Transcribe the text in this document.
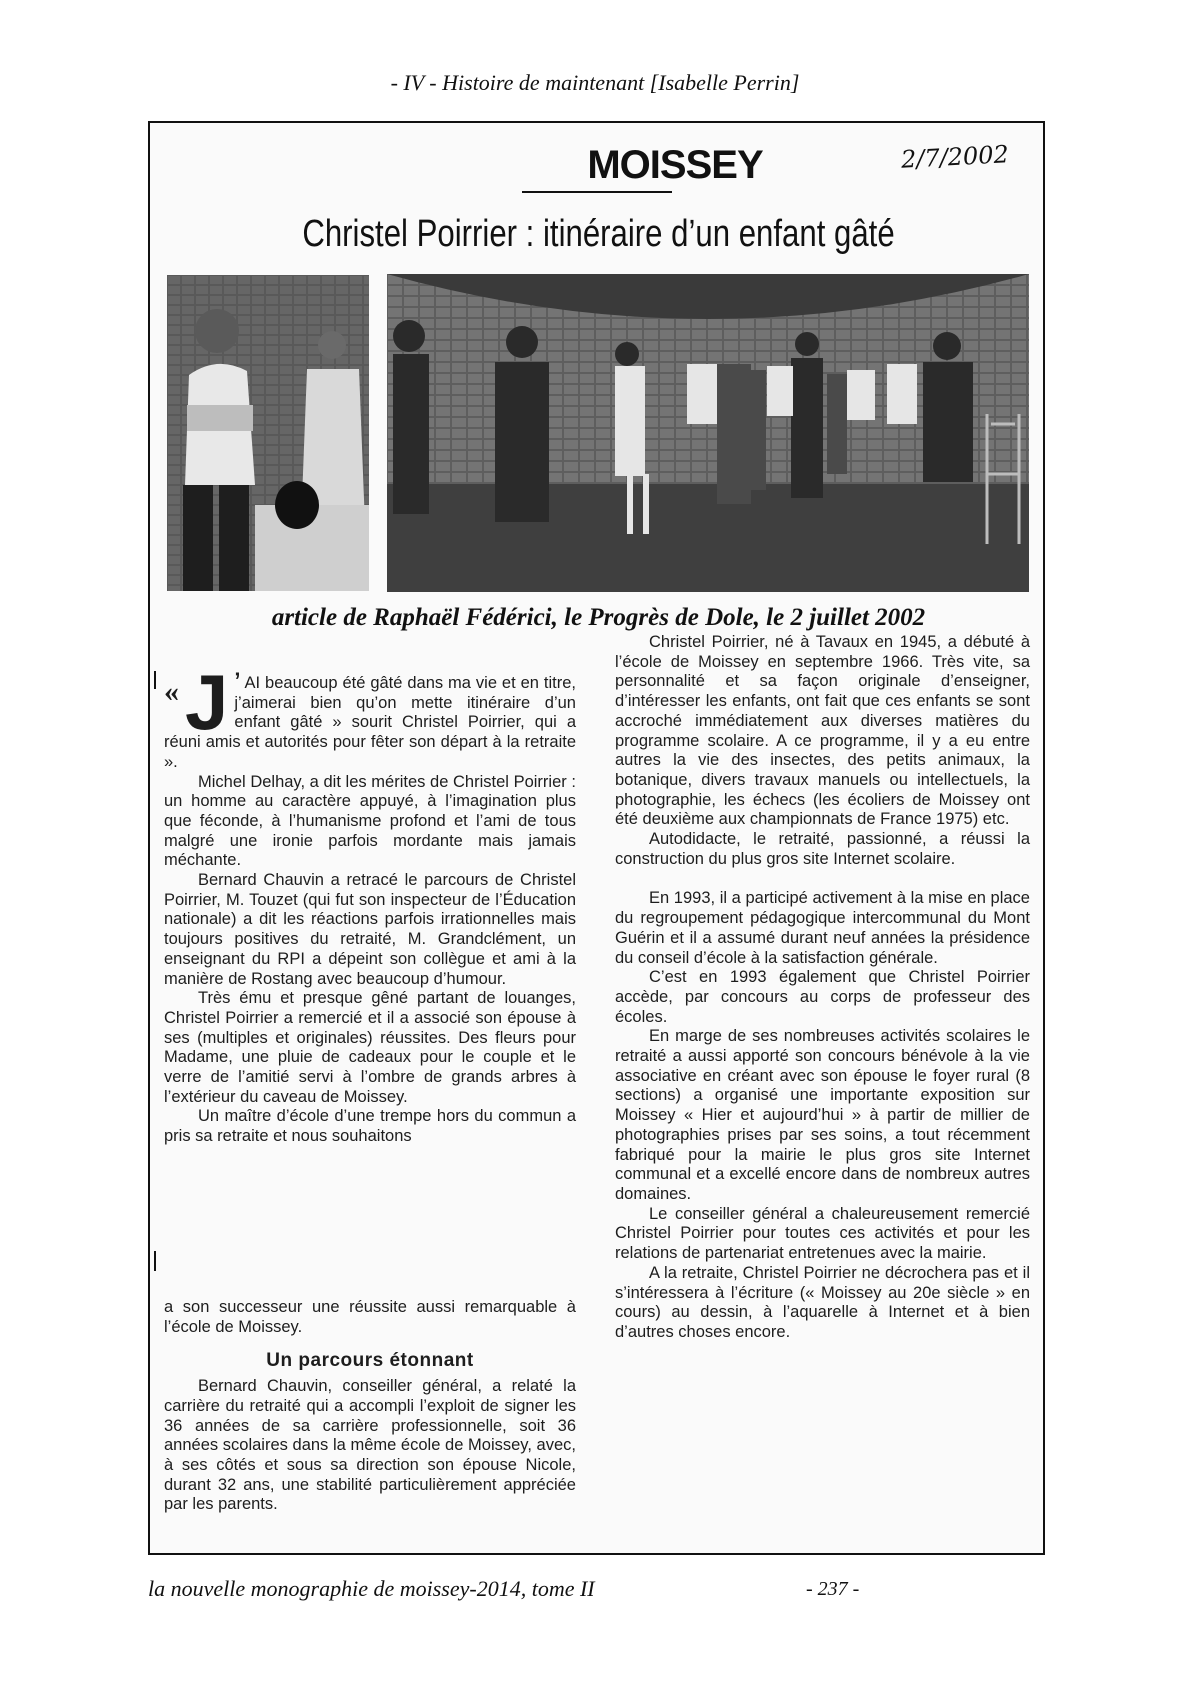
- IV - Histoire de maintenant [Isabelle Perrin]
MOISSEY	2/7/2002
Christel Poirrier : itinéraire d’un enfant gâté
article de Raphaël Fédérici, le Progrès de Dole, le 2 juillet 2002
« J ’ AI beaucoup été gâté dans ma vie et en titre, j’aimerai bien qu’on mette itinéraire d’un enfant gâté » sourit Christel Poirrier, qui a réuni amis et autorités pour fêter son départ à la retraite ».

Michel Delhay, a dit les mérites de Christel Poirrier : un homme au caractère appuyé, à l’imagination plus que féconde, à l’humanisme profond et l’ami de tous malgré une ironie parfois mordante mais jamais méchante.

Bernard Chauvin a retracé le parcours de Christel Poirrier, M. Touzet (qui fut son inspecteur de l’Éducation nationale) a dit les réactions parfois irrationnelles mais toujours positives du retraité, M. Grandclément, un enseignant du RPI a dépeint son collègue et ami à la manière de Rostang avec beaucoup d’humour.

Très ému et presque gêné partant de louanges, Christel Poirrier a remercié et il a associé son épouse à ses (multiples et originales) réussites. Des fleurs pour Madame, une pluie de cadeaux pour le couple et le verre de l’amitié servi à l’ombre de grands arbres à l’extérieur du caveau de Moissey.

Un maître d’école d’une trempe hors du commun a pris sa retraite et nous souhaitons

a son successeur une réussite aussi remarquable à l’école de Moissey.

Un parcours étonnant

Bernard Chauvin, conseiller général, a relaté la carrière du retraité qui a accompli l’exploit de signer les 36 années de sa carrière professionnelle, soit 36 années scolaires dans la même école de Moissey, avec, à ses côtés et sous sa direction son épouse Nicole, durant 32 ans, une stabilité particulièrement appréciée par les parents.

Christel Poirrier, né à Tavaux en 1945, a débuté à l’école de Moissey en septembre 1966. Très vite, sa personnalité et sa façon originale d’enseigner, d’intéresser les enfants, ont fait que ces enfants se sont accroché immédiatement aux diverses matières du programme scolaire. A ce programme, il y a eu entre autres la vie des insectes, des petits animaux, la botanique, divers travaux manuels ou intellectuels, la photographie, les échecs (les écoliers de Moissey ont été deuxième aux championnats de France 1975) etc.

Autodidacte, le retraité, passionné, a réussi la construction du plus gros site Internet scolaire.

En 1993, il a participé activement à la mise en place du regroupement pédagogique intercommunal du Mont Guérin et il a assumé durant neuf années la présidence du conseil d’école à la satisfaction générale.

C’est en 1993 également que Christel Poirrier accède, par concours au corps de professeur des écoles.

En marge de ses nombreuses activités scolaires le retraité a aussi apporté son concours bénévole à la vie associative en créant avec son épouse le foyer rural (8 sections) a organisé une importante exposition sur Moissey « Hier et aujourd’hui » à partir de millier de photographies prises par ses soins, a tout récemment fabriqué pour la mairie le plus gros site Internet communal et a excellé encore dans de nombreux autres domaines.

Le conseiller général a chaleureusement remercié Christel Poirrier pour toutes ces activités et pour les relations de partenariat entretenues avec la mairie.

A la retraite, Christel Poirrier ne décrochera pas et il s’intéressera à l’écriture (« Moissey au 20e siècle » en cours) au dessin, à l’aquarelle à Internet et à bien d’autres choses encore.

la nouvelle monographie de moissey-2014, tome II	- 237 -
